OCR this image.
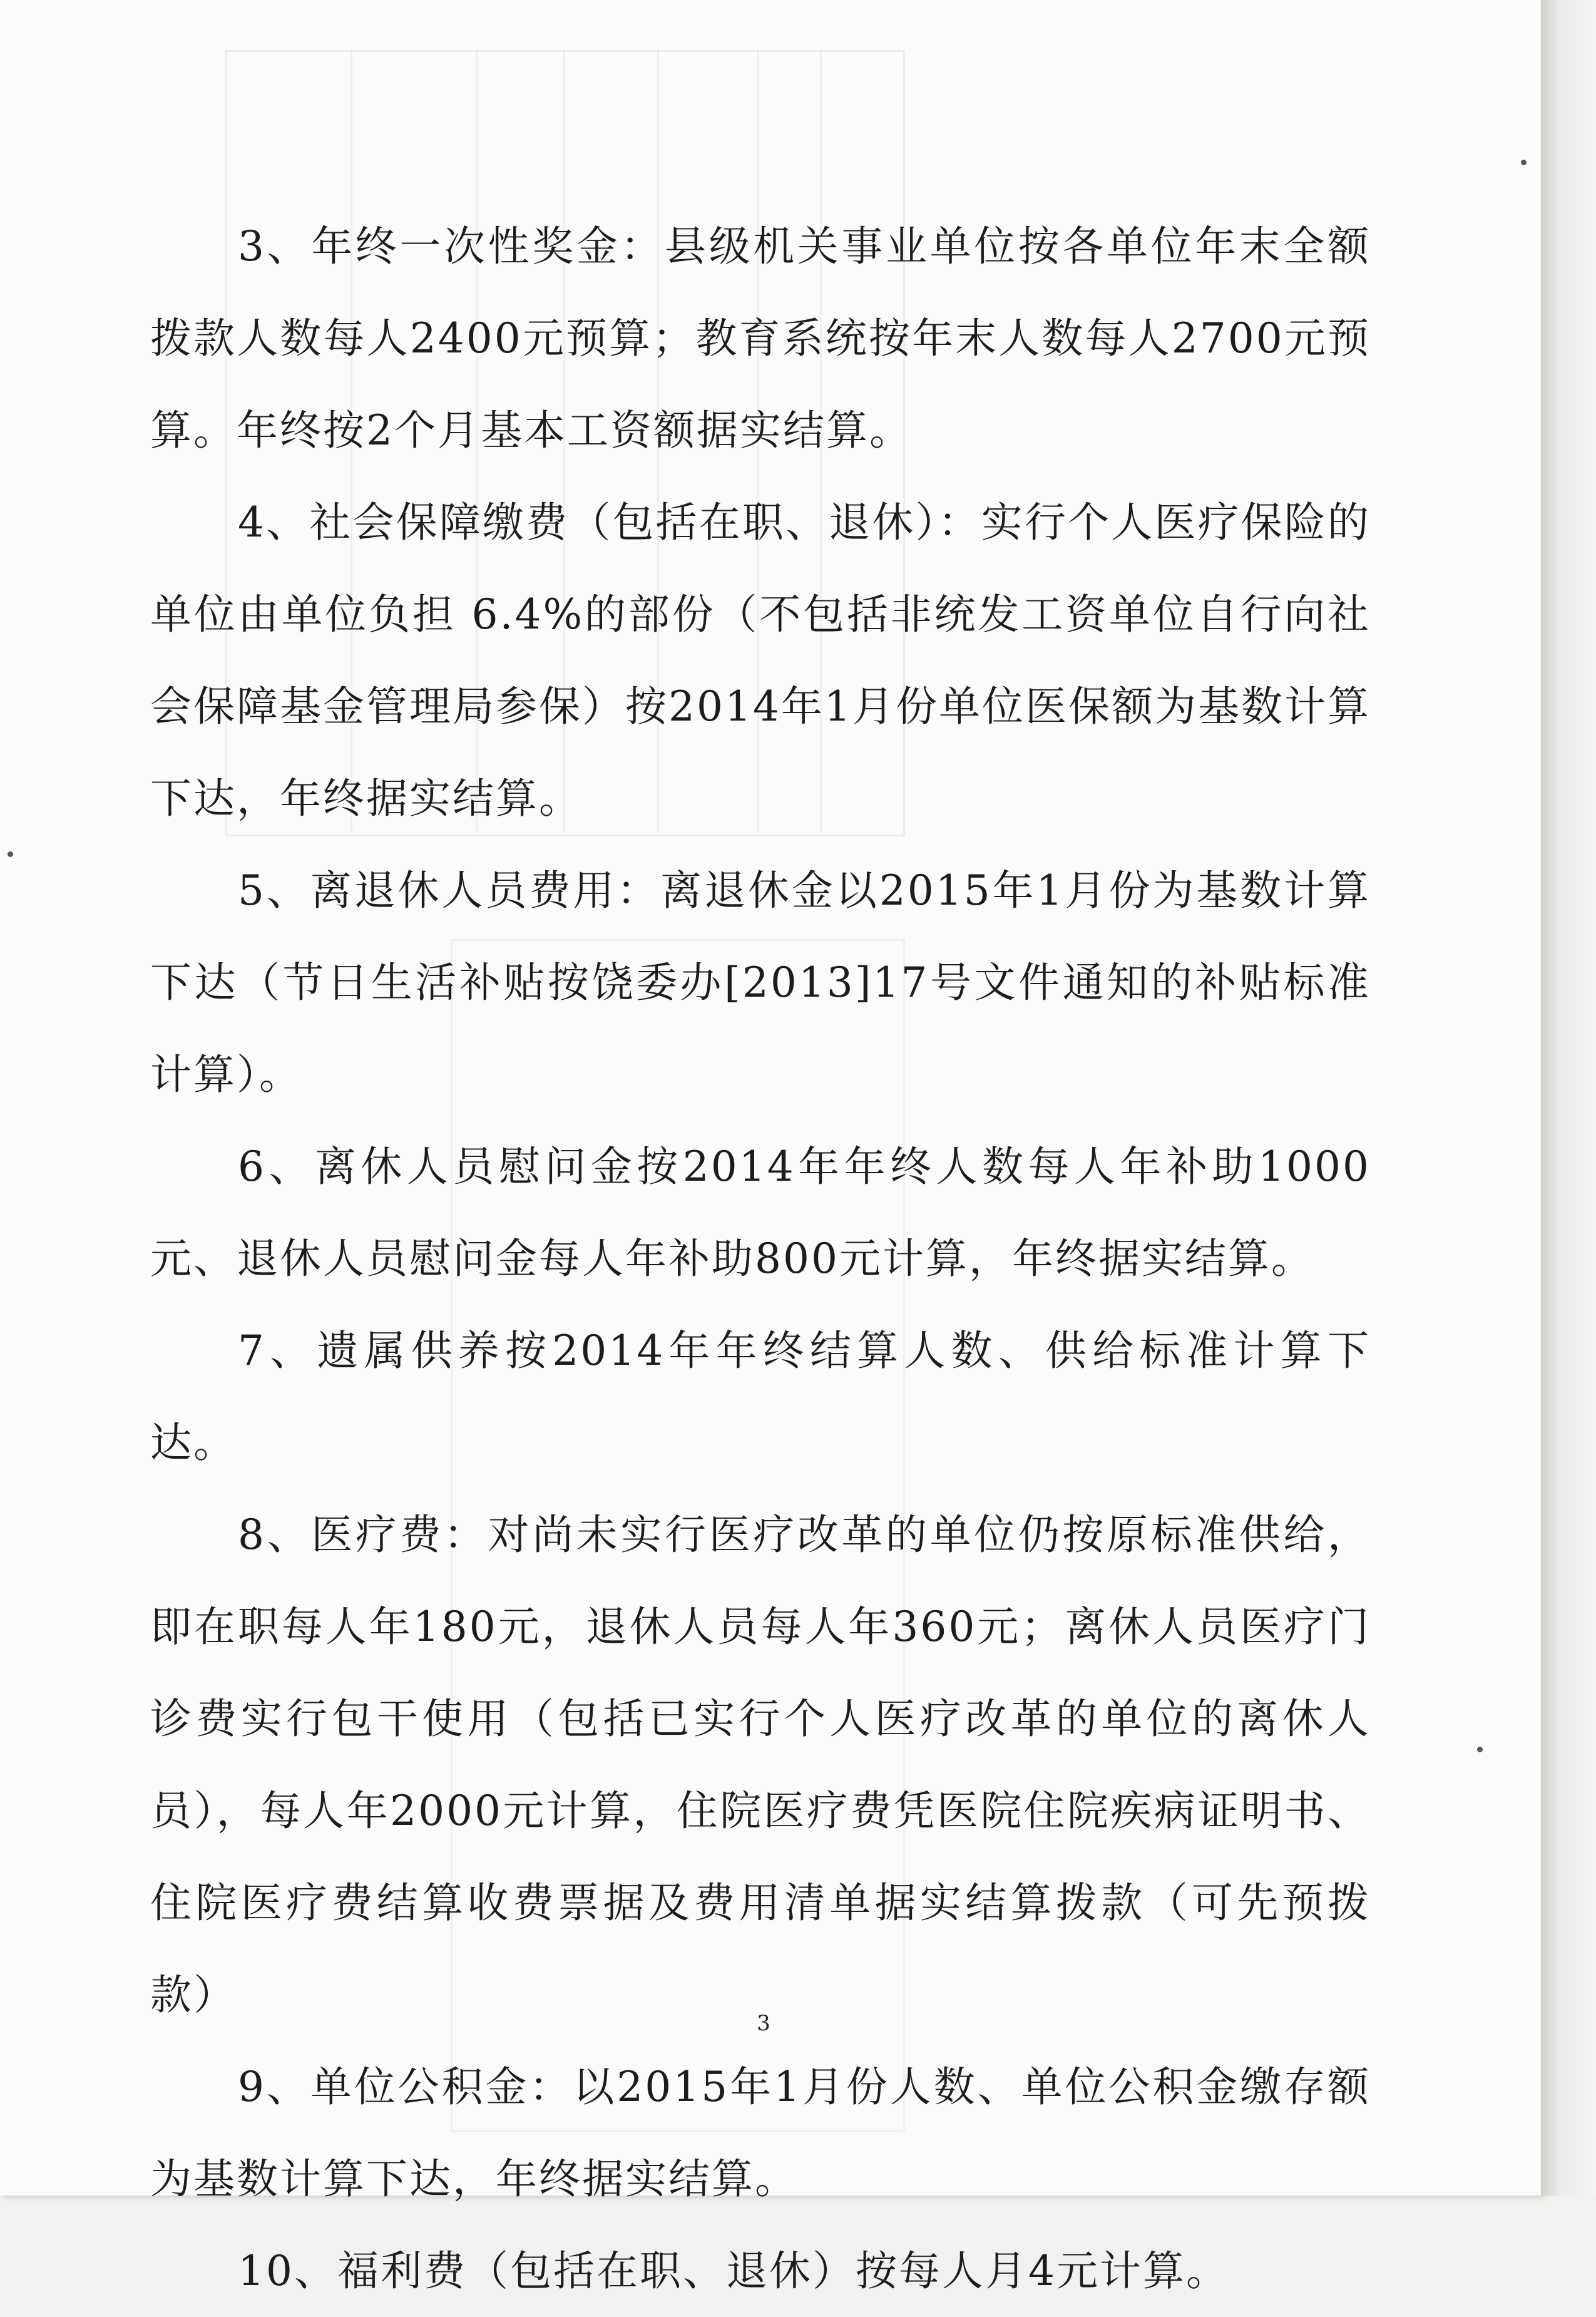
3、年终一次性奖金：县级机关事业单位按各单位年末全额拨款人数每人2400元预算；教育系统按年末人数每人2700元预算。年终按2个月基本工资额据实结算。

4、社会保障缴费（包括在职、退休）：实行个人医疗保险的单位由单位负担 6.4%的部份（不包括非统发工资单位自行向社会保障基金管理局参保）按2014年1月份单位医保额为基数计算下达，年终据实结算。

5、离退休人员费用：离退休金以2015年1月份为基数计算下达（节日生活补贴按饶委办[2013]17号文件通知的补贴标准计算）。

6、离休人员慰问金按2014年年终人数每人年补助1000元、退休人员慰问金每人年补助800元计算，年终据实结算。

7、遗属供养按2014年年终结算人数、供给标准计算下达。

8、医疗费：对尚未实行医疗改革的单位仍按原标准供给，即在职每人年180元，退休人员每人年360元；离休人员医疗门诊费实行包干使用（包括已实行个人医疗改革的单位的离休人员），每人年2000元计算，住院医疗费凭医院住院疾病证明书、住院医疗费结算收费票据及费用清单据实结算拨款（可先预拨款）

9、单位公积金：以2015年1月份人数、单位公积金缴存额为基数计算下达，年终据实结算。

10、福利费（包括在职、退休）按每人月4元计算。

3
